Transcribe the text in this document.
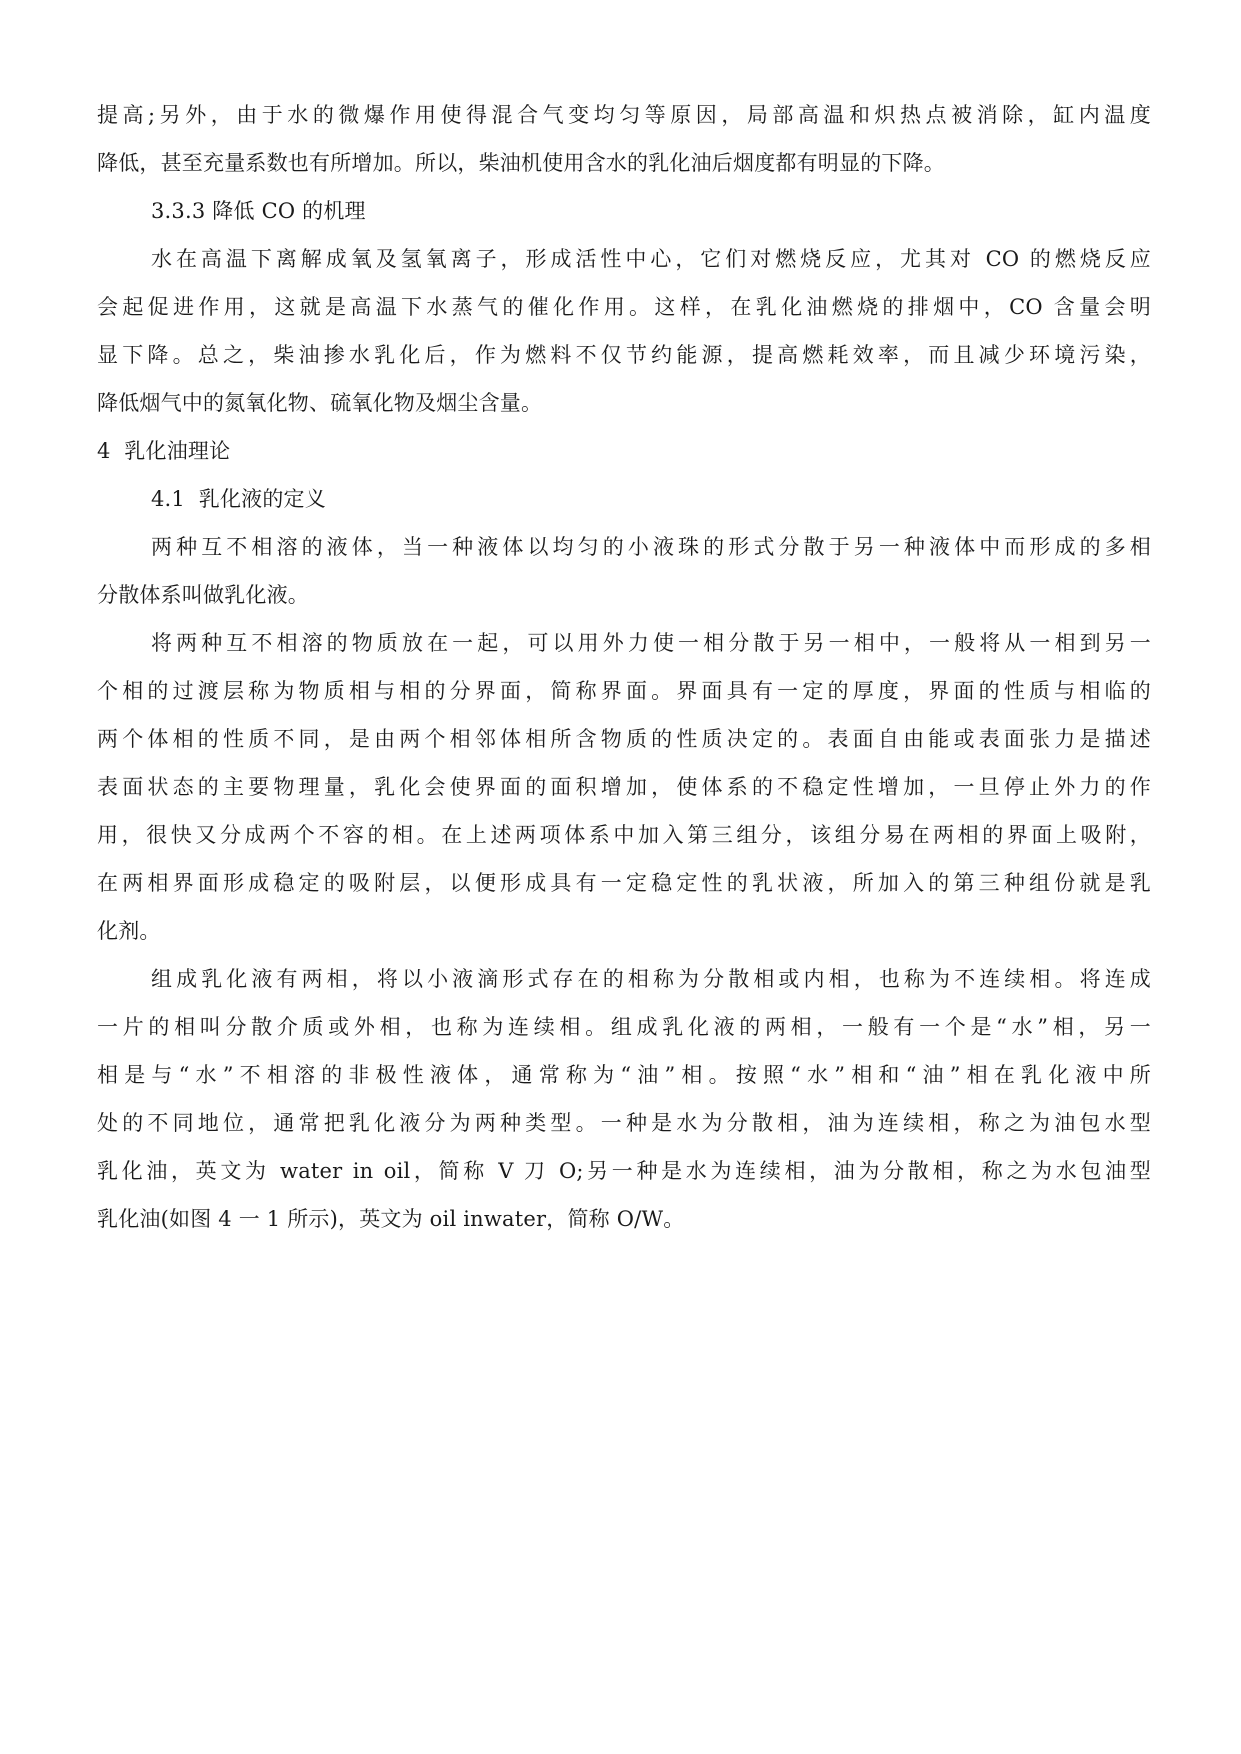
提高;另外，由于水的微爆作用使得混合气变均匀等原因，局部高温和炽热点被消除，缸内温度
降低，甚至充量系数也有所增加。所以，柴油机使用含水的乳化油后烟度都有明显的下降。
3.3.3 降低 CO 的机理
水在高温下离解成氧及氢氧离子，形成活性中心，它们对燃烧反应，尤其对 CO 的燃烧反应
会起促进作用，这就是高温下水蒸气的催化作用。这样，在乳化油燃烧的排烟中，CO 含量会明
显下降。总之，柴油掺水乳化后，作为燃料不仅节约能源，提高燃耗效率，而且减少环境污染，
降低烟气中的氮氧化物、硫氧化物及烟尘含量。
4  乳化油理论
4.1  乳化液的定义
两种互不相溶的液体，当一种液体以均匀的小液珠的形式分散于另一种液体中而形成的多相
分散体系叫做乳化液。
将两种互不相溶的物质放在一起，可以用外力使一相分散于另一相中，一般将从一相到另一
个相的过渡层称为物质相与相的分界面，简称界面。界面具有一定的厚度，界面的性质与相临的
两个体相的性质不同，是由两个相邻体相所含物质的性质决定的。表面自由能或表面张力是描述
表面状态的主要物理量，乳化会使界面的面积增加，使体系的不稳定性增加，一旦停止外力的作
用，很快又分成两个不容的相。在上述两项体系中加入第三组分，该组分易在两相的界面上吸附，
在两相界面形成稳定的吸附层，以便形成具有一定稳定性的乳状液，所加入的第三种组份就是乳
化剂。
组成乳化液有两相，将以小液滴形式存在的相称为分散相或内相，也称为不连续相。将连成
一片的相叫分散介质或外相，也称为连续相。组成乳化液的两相，一般有一个是“水”相，另一
相是与“水”不相溶的非极性液体，通常称为“油”相。按照“水”相和“油”相在乳化液中所
处的不同地位，通常把乳化液分为两种类型。一种是水为分散相，油为连续相，称之为油包水型
乳化油，英文为 water in oil，简称 V 刀 O;另一种是水为连续相，油为分散相，称之为水包油型
乳化油(如图 4 一 1 所示)，英文为 oil inwater，简称 O/W。
